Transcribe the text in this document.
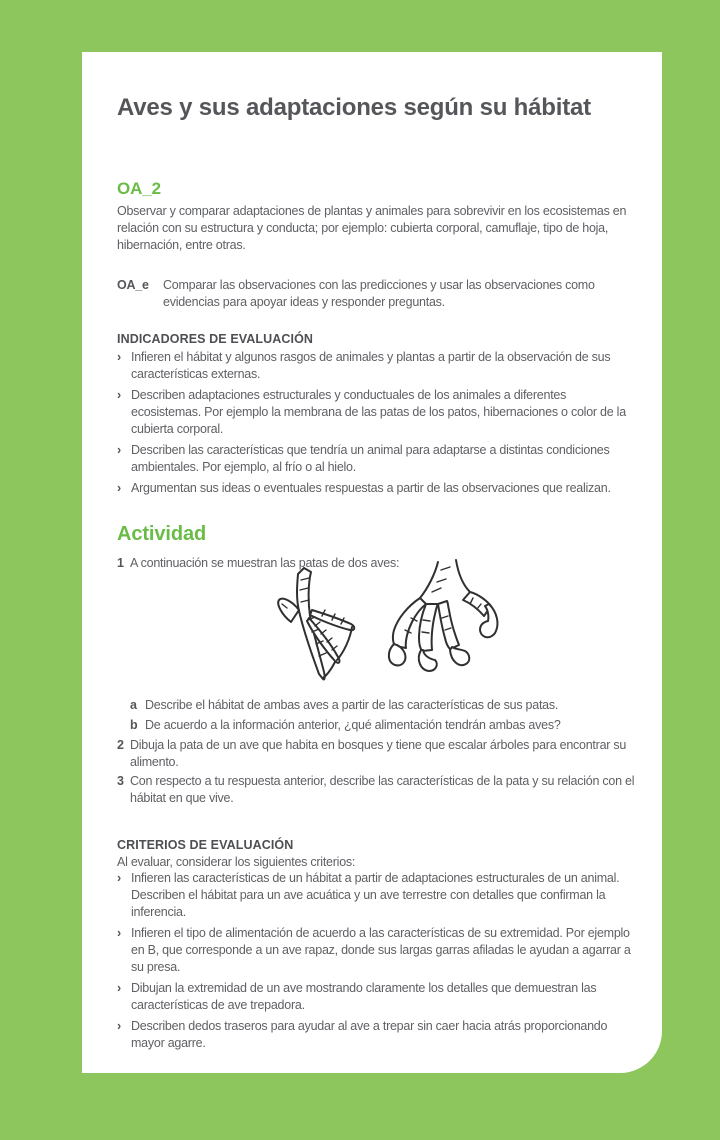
Aves y sus adaptaciones según su hábitat
OA_2

Observar y comparar adaptaciones de plantas y animales para sobrevivir en los ecosistemas en relación con su estructura y conducta; por ejemplo: cubierta corporal, camuflaje, tipo de hoja, hibernación, entre otras.

OA_e	Comparar las observaciones con las predicciones y usar las observaciones como evidencias para apoyar ideas y responder preguntas.
INDICADORES DE EVALUACIÓN
› Infieren el hábitat y algunos rasgos de animales y plantas a partir de la observación de sus características externas.
› Describen adaptaciones estructurales y conductuales de los animales a diferentes ecosistemas. Por ejemplo la membrana de las patas de los patos, hibernaciones o color de la cubierta corporal.
› Describen las características que tendría un animal para adaptarse a distintas condiciones ambientales. Por ejemplo, al frío o al hielo.
› Argumentan sus ideas o eventuales respuestas a partir de las observaciones que realizan.
Actividad
1 A continuación se muestran las patas de dos aves:
a Describe el hábitat de ambas aves a partir de las características de sus patas.
b De acuerdo a la información anterior, ¿qué alimentación tendrán ambas aves?
2 Dibuja la pata de un ave que habita en bosques y tiene que escalar árboles para encontrar su alimento.
3 Con respecto a tu respuesta anterior, describe las características de la pata y su relación con el hábitat en que vive.
CRITERIOS DE EVALUACIÓN

Al evaluar, considerar los siguientes criterios:

› Infieren las características de un hábitat a partir de adaptaciones estructurales de un animal. Describen el hábitat para un ave acuática y un ave terrestre con detalles que confirman la inferencia.
› Infieren el tipo de alimentación de acuerdo a las características de su extremidad. Por ejemplo en B, que corresponde a un ave rapaz, donde sus largas garras afiladas le ayudan a agarrar a su presa.
› Dibujan la extremidad de un ave mostrando claramente los detalles que demuestran las características de ave trepadora.
› Describen dedos traseros para ayudar al ave a trepar sin caer hacia atrás proporcionando mayor agarre.
